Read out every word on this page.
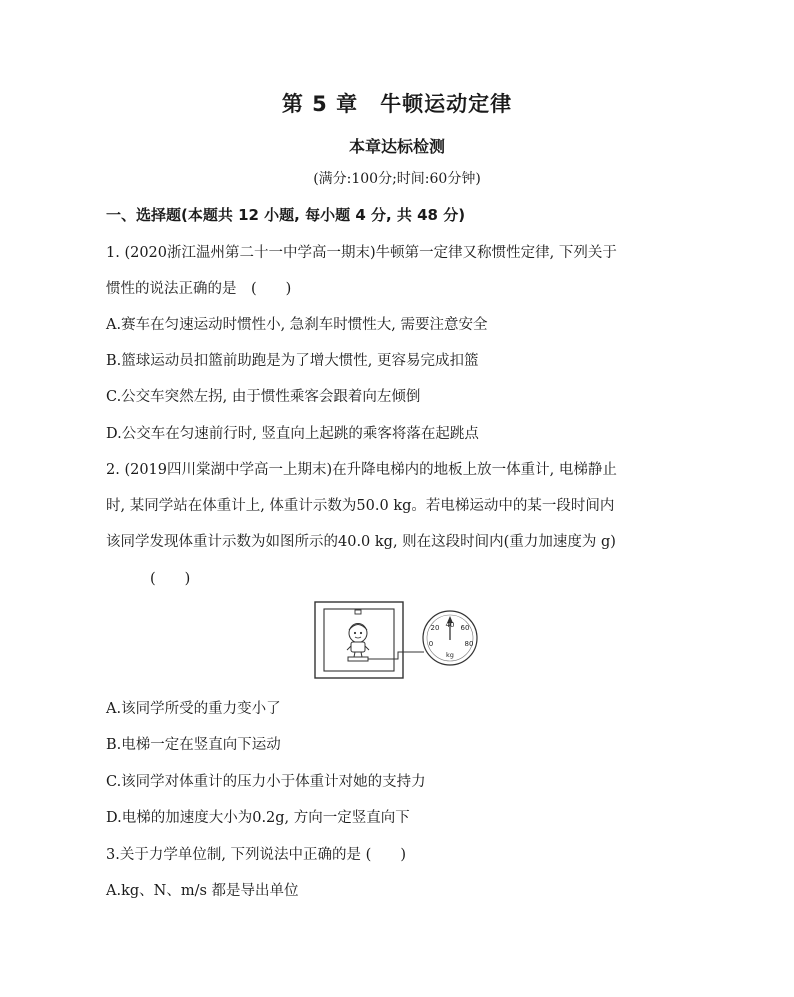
第 5 章　牛顿运动定律
本章达标检测
(满分:100分;时间:60分钟)
一、选择题(本题共 12 小题, 每小题 4 分, 共 48 分)
1. (2020浙江温州第二十一中学高一期末)牛顿第一定律又称惯性定律, 下列关于
惯性的说法正确的是　(　　)
A.赛车在匀速运动时惯性小, 急刹车时惯性大, 需要注意安全
B.篮球运动员扣篮前助跑是为了增大惯性, 更容易完成扣篮
C.公交车突然左拐, 由于惯性乘客会跟着向左倾倒
D.公交车在匀速前行时, 竖直向上起跳的乘客将落在起跳点
2. (2019四川棠湖中学高一上期末)在升降电梯内的地板上放一体重计, 电梯静止
时, 某同学站在体重计上, 体重计示数为50.0 kg。若电梯运动中的某一段时间内
该同学发现体重计示数为如图所示的40.0 kg, 则在这段时间内(重力加速度为 g)
(　　)
40
20	60
0	80
kg
A.该同学所受的重力变小了
B.电梯一定在竖直向下运动
C.该同学对体重计的压力小于体重计对她的支持力
D.电梯的加速度大小为0.2g, 方向一定竖直向下
3.关于力学单位制, 下列说法中正确的是 (　　)
A.kg、N、m/s 都是导出单位
